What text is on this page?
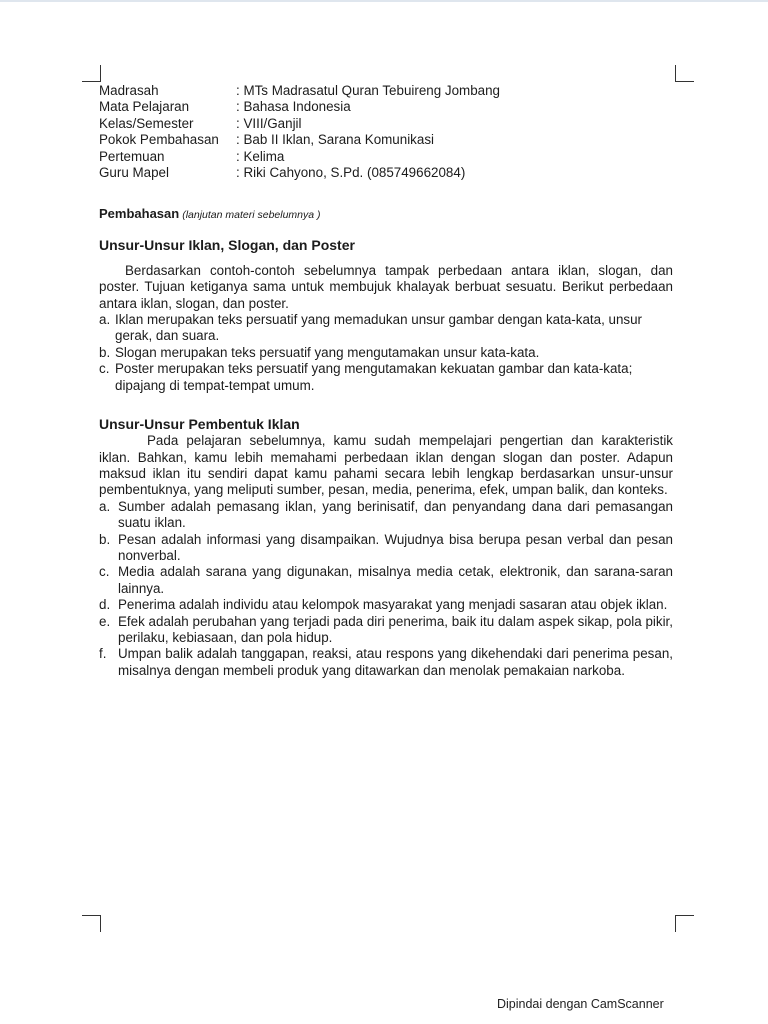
Madrasah	: MTs Madrasatul Quran Tebuireng Jombang
Mata Pelajaran	: Bahasa Indonesia
Kelas/Semester	: VIII/Ganjil
Pokok Pembahasan	: Bab II Iklan, Sarana Komunikasi
Pertemuan	: Kelima
Guru Mapel	: Riki Cahyono, S.Pd. (085749662084)
Pembahasan (lanjutan materi sebelumnya )
Unsur-Unsur Iklan, Slogan, dan Poster

Berdasarkan contoh-contoh sebelumnya tampak perbedaan antara iklan, slogan, dan poster. Tujuan ketiganya sama untuk membujuk khalayak berbuat sesuatu. Berikut perbedaan antara iklan, slogan, dan poster.

a. Iklan merupakan teks persuatif yang memadukan unsur gambar dengan kata-kata, unsur gerak, dan suara.
b. Slogan merupakan teks persuatif yang mengutamakan unsur kata-kata.
c. Poster merupakan teks persuatif yang mengutamakan kekuatan gambar dan kata-kata; dipajang di tempat-tempat umum.
Unsur-Unsur Pembentuk Iklan

Pada pelajaran sebelumnya, kamu sudah mempelajari pengertian dan karakteristik iklan. Bahkan, kamu lebih memahami perbedaan iklan dengan slogan dan poster. Adapun maksud iklan itu sendiri dapat kamu pahami secara lebih lengkap berdasarkan unsur-unsur pembentuknya, yang meliputi sumber, pesan, media, penerima, efek, umpan balik, dan konteks.

a. Sumber adalah pemasang iklan, yang berinisatif, dan penyandang dana dari pemasangan suatu iklan.
b. Pesan adalah informasi yang disampaikan. Wujudnya bisa berupa pesan verbal dan pesan nonverbal.
c. Media adalah sarana yang digunakan, misalnya media cetak, elektronik, dan sarana-saran lainnya.
d. Penerima adalah individu atau kelompok masyarakat yang menjadi sasaran atau objek iklan.
e. Efek adalah perubahan yang terjadi pada diri penerima, baik itu dalam aspek sikap, pola pikir, perilaku, kebiasaan, dan pola hidup.
f. Umpan balik adalah tanggapan, reaksi, atau respons yang dikehendaki dari penerima pesan, misalnya dengan membeli produk yang ditawarkan dan menolak pemakaian narkoba.
Dipindai dengan CamScanner
